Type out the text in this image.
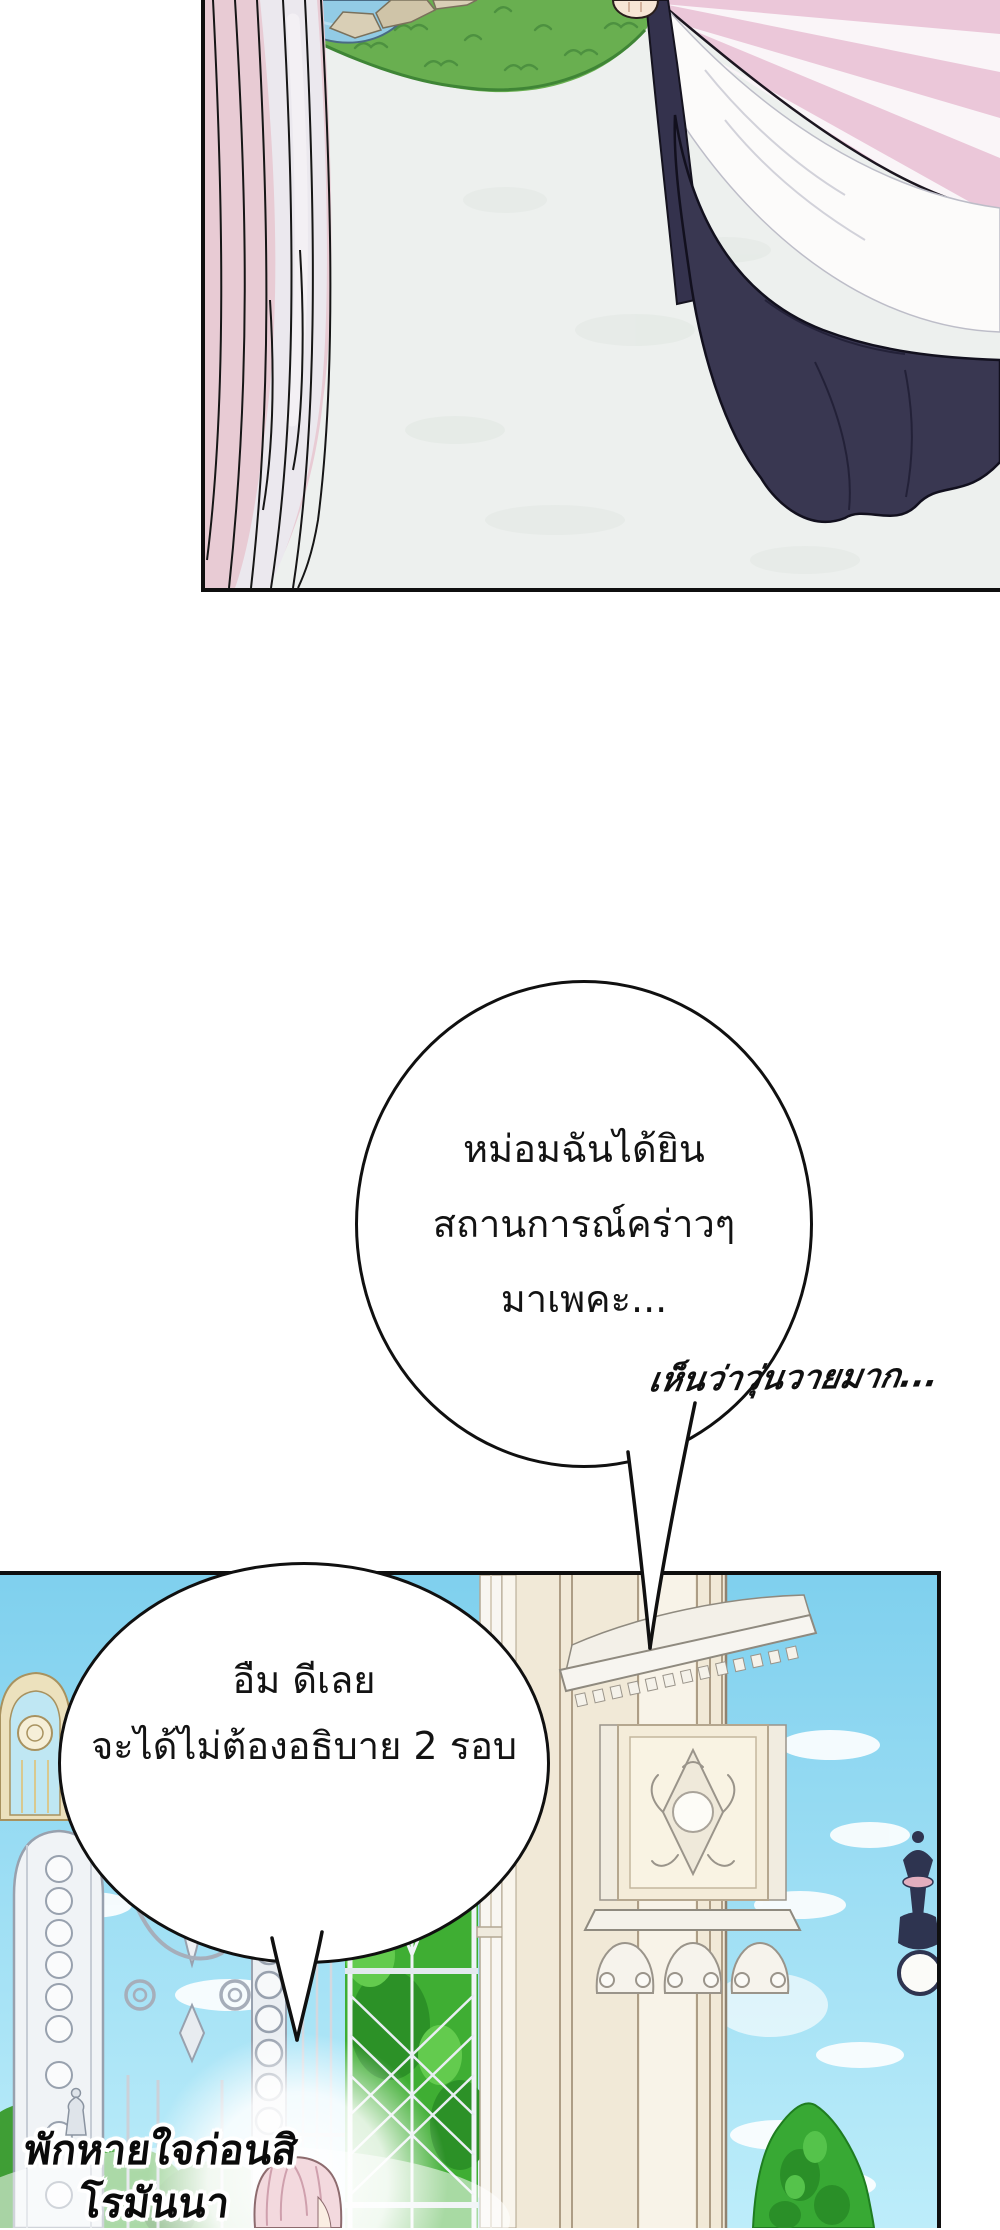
หม่อมฉันได้ยิน
สถานการณ์คร่าวๆ
มาเพคะ...
เห็นว่าวุ่นวายมาก...
อืม ดีเลย
จะได้ไม่ต้องอธิบาย 2 รอบ
พักหายใจก่อนสิ
โรมันนา
